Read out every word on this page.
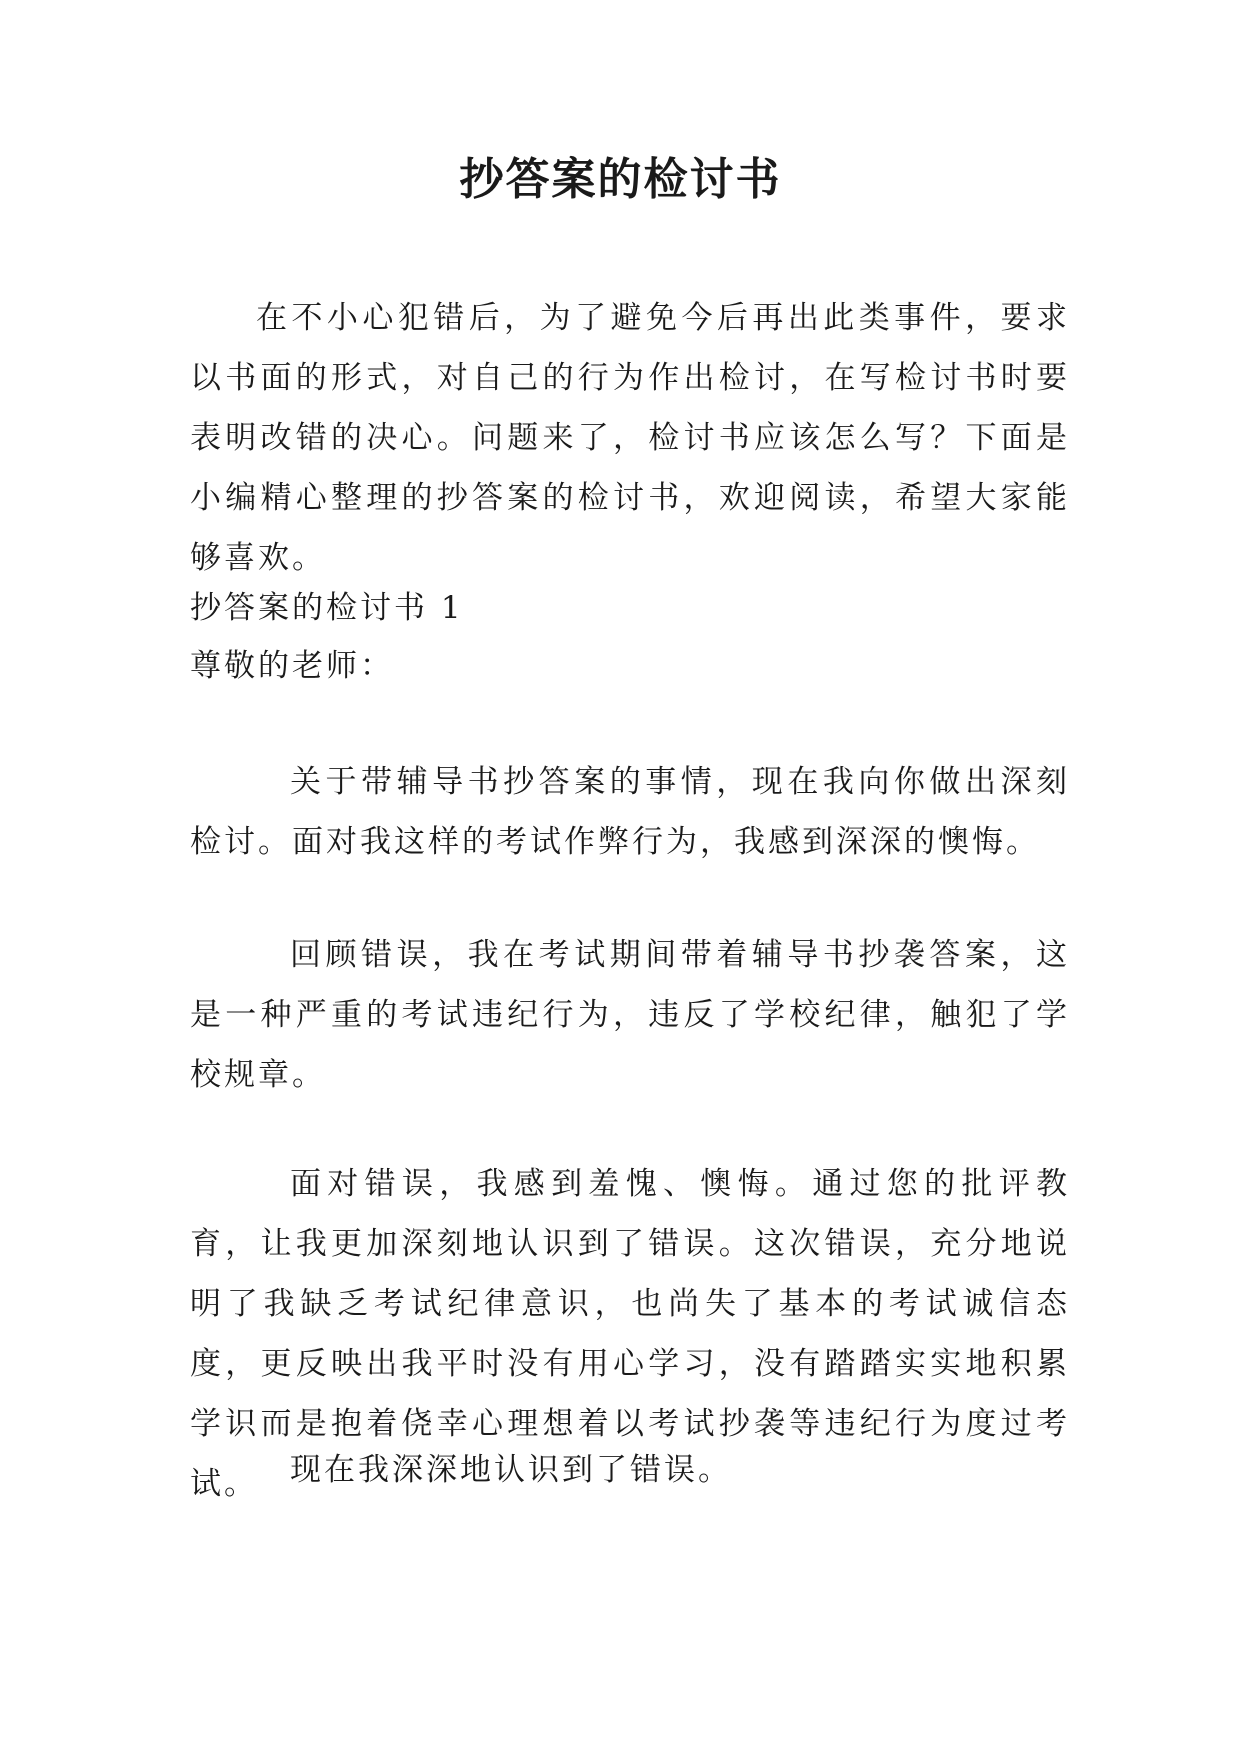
抄答案的检讨书

在不小心犯错后，为了避免今后再出此类事件，要求以书面的形式，对自己的行为作出检讨，在写检讨书时要表明改错的决心。问题来了，检讨书应该怎么写？下面是小编精心整理的抄答案的检讨书，欢迎阅读，希望大家能够喜欢。

抄答案的检讨书 1

尊敬的老师：

关于带辅导书抄答案的事情，现在我向你做出深刻检讨。面对我这样的考试作弊行为，我感到深深的懊悔。

回顾错误，我在考试期间带着辅导书抄袭答案，这是一种严重的考试违纪行为，违反了学校纪律，触犯了学校规章。

面对错误，我感到羞愧、懊悔。通过您的批评教育，让我更加深刻地认识到了错误。这次错误，充分地说明了我缺乏考试纪律意识，也尚失了基本的考试诚信态度，更反映出我平时没有用心学习，没有踏踏实实地积累学识而是抱着侥幸心理想着以考试抄袭等违纪行为度过考试。	现在我深深地认识到了错误。
